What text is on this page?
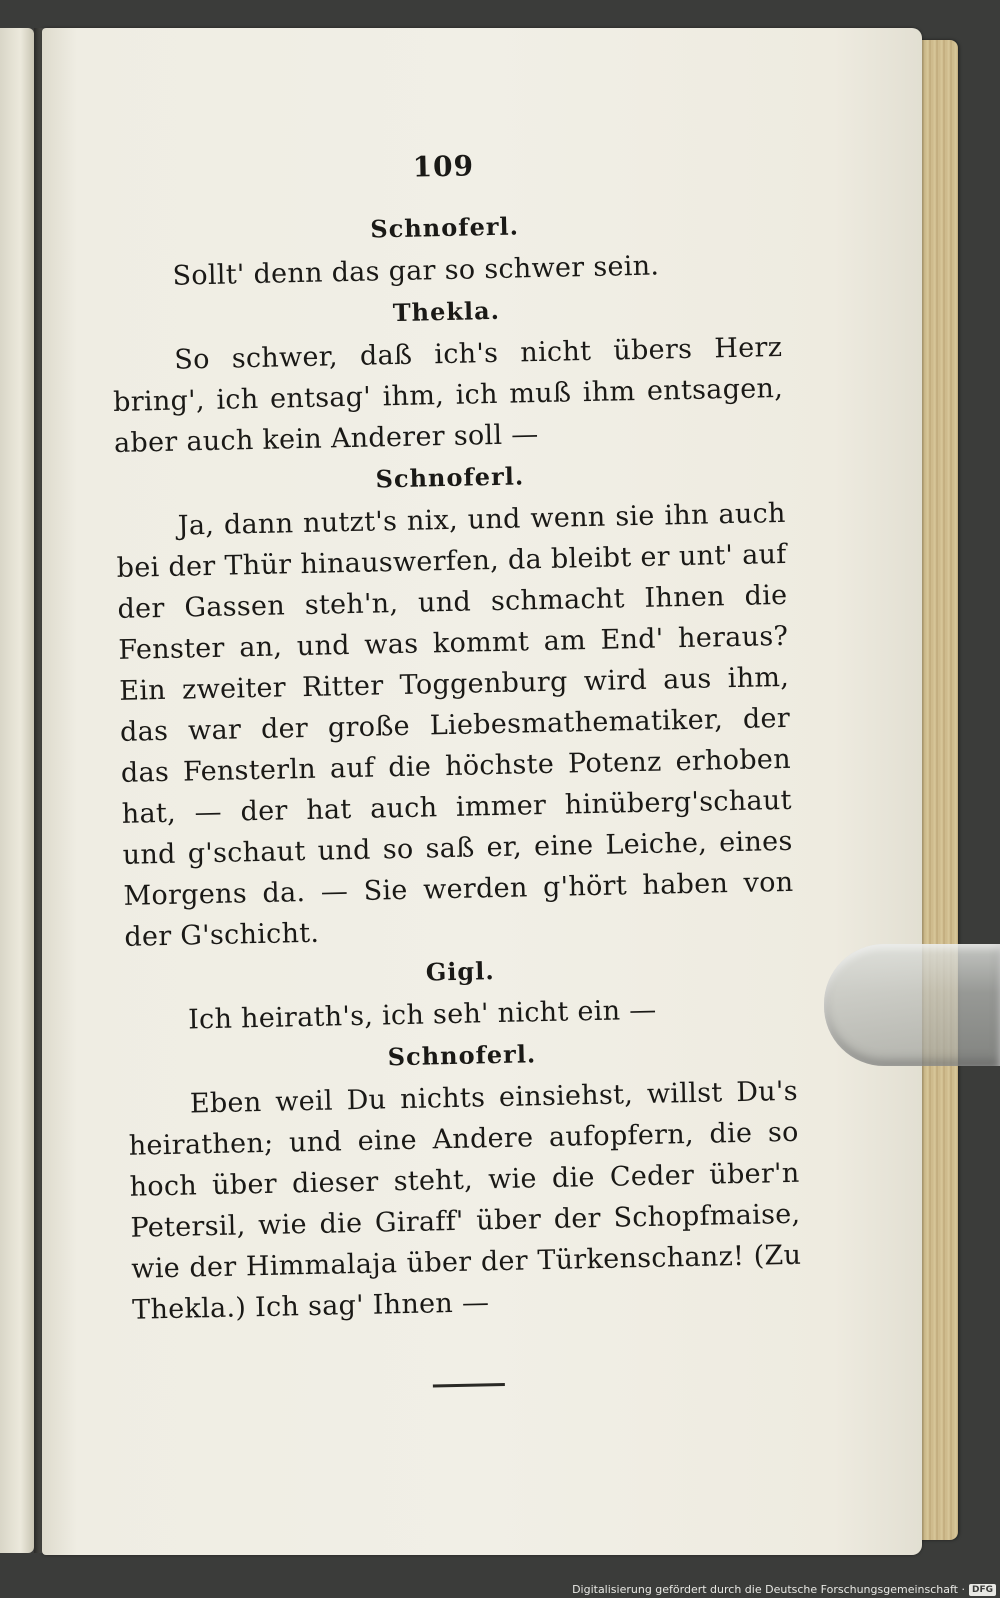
109
Schnoferl.

Sollt' denn das gar so schwer sein.

Thekla.

So schwer, daß ich's nicht übers Herz bring', ich entsag' ihm, ich muß ihm entsagen, aber auch kein Anderer soll —

Schnoferl.

Ja, dann nutzt's nix, und wenn sie ihn auch bei der Thür hinauswerfen, da bleibt er unt' auf der Gassen steh'n, und schmacht Ihnen die Fenster an, und was kommt am End' heraus? Ein zweiter Ritter Toggenburg wird aus ihm, das war der große Liebesmathematiker, der das Fensterln auf die höchste Potenz erhoben hat, — der hat auch immer hinüberg'schaut und g'schaut und so saß er, eine Leiche, eines Morgens da. — Sie werden g'hört haben von der G'schicht.

Gigl.

Ich heirath's, ich seh' nicht ein —

Schnoferl.

Eben weil Du nichts einsiehst, willst Du's heirathen; und eine Andere aufopfern, die so hoch über dieser steht, wie die Ceder über'n Petersil, wie die Giraff' über der Schopfmaise, wie der Himmalaja über der Türkenschanz! (Zu Thekla.) Ich sag' Ihnen —

Digitalisierung gefördert durch die Deutsche Forschungsgemeinschaft · DFG
